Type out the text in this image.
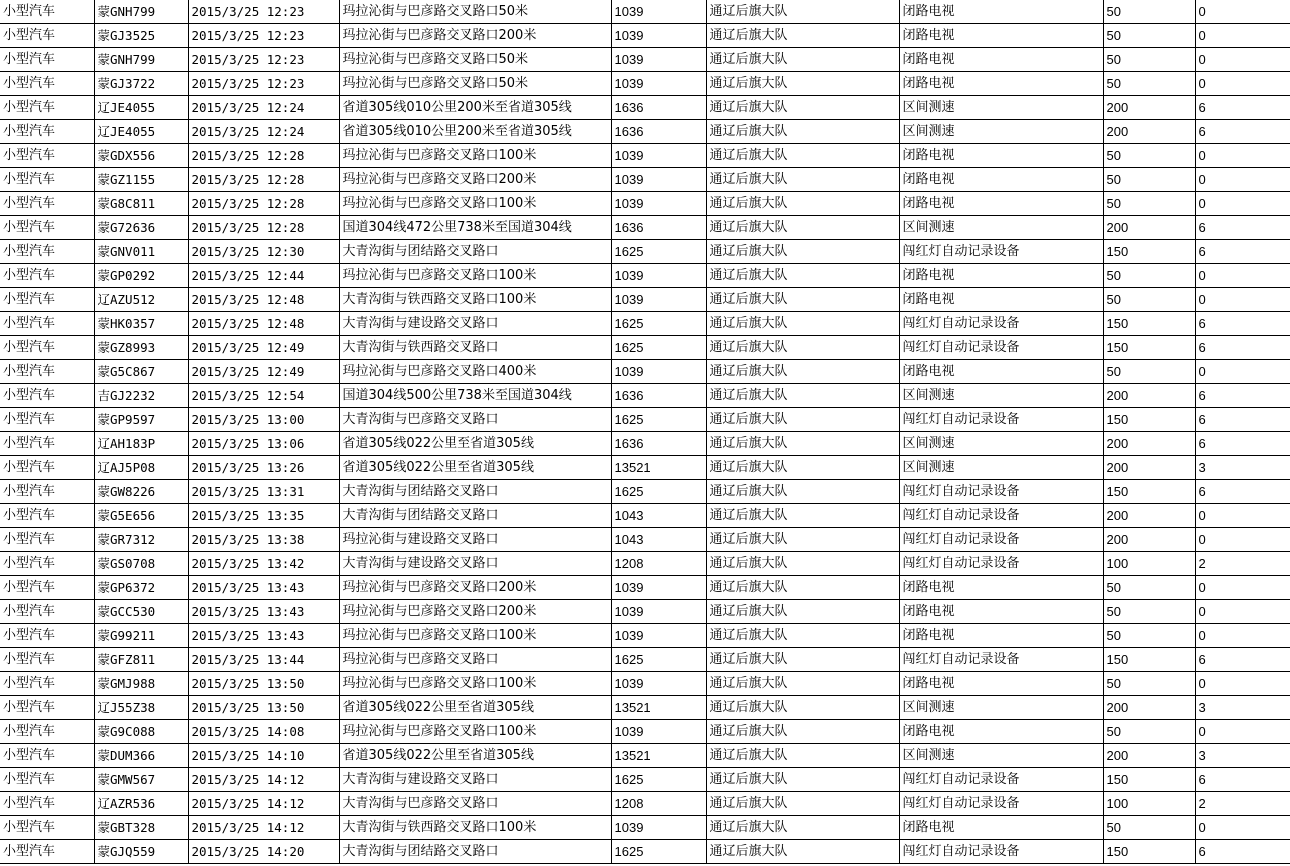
小型汽车	蒙GNH799	2015/3/25 12:23	玛拉沁街与巴彦路交叉路口50米	1039	通辽后旗大队	闭路电视	50	0
小型汽车	蒙GJ3525	2015/3/25 12:23	玛拉沁街与巴彦路交叉路口200米	1039	通辽后旗大队	闭路电视	50	0
小型汽车	蒙GNH799	2015/3/25 12:23	玛拉沁街与巴彦路交叉路口50米	1039	通辽后旗大队	闭路电视	50	0
小型汽车	蒙GJ3722	2015/3/25 12:23	玛拉沁街与巴彦路交叉路口50米	1039	通辽后旗大队	闭路电视	50	0
小型汽车	辽JE4055	2015/3/25 12:24	省道305线010公里200米至省道305线	1636	通辽后旗大队	区间测速	200	6
小型汽车	辽JE4055	2015/3/25 12:24	省道305线010公里200米至省道305线	1636	通辽后旗大队	区间测速	200	6
小型汽车	蒙GDX556	2015/3/25 12:28	玛拉沁街与巴彦路交叉路口100米	1039	通辽后旗大队	闭路电视	50	0
小型汽车	蒙GZ1155	2015/3/25 12:28	玛拉沁街与巴彦路交叉路口200米	1039	通辽后旗大队	闭路电视	50	0
小型汽车	蒙G8C811	2015/3/25 12:28	玛拉沁街与巴彦路交叉路口100米	1039	通辽后旗大队	闭路电视	50	0
小型汽车	蒙G72636	2015/3/25 12:28	国道304线472公里738米至国道304线	1636	通辽后旗大队	区间测速	200	6
小型汽车	蒙GNV011	2015/3/25 12:30	大青沟街与团结路交叉路口	1625	通辽后旗大队	闯红灯自动记录设备	150	6
小型汽车	蒙GP0292	2015/3/25 12:44	玛拉沁街与巴彦路交叉路口100米	1039	通辽后旗大队	闭路电视	50	0
小型汽车	辽AZU512	2015/3/25 12:48	大青沟街与铁西路交叉路口100米	1039	通辽后旗大队	闭路电视	50	0
小型汽车	蒙HK0357	2015/3/25 12:48	大青沟街与建设路交叉路口	1625	通辽后旗大队	闯红灯自动记录设备	150	6
小型汽车	蒙GZ8993	2015/3/25 12:49	大青沟街与铁西路交叉路口	1625	通辽后旗大队	闯红灯自动记录设备	150	6
小型汽车	蒙G5C867	2015/3/25 12:49	玛拉沁街与巴彦路交叉路口400米	1039	通辽后旗大队	闭路电视	50	0
小型汽车	吉GJ2232	2015/3/25 12:54	国道304线500公里738米至国道304线	1636	通辽后旗大队	区间测速	200	6
小型汽车	蒙GP9597	2015/3/25 13:00	大青沟街与巴彦路交叉路口	1625	通辽后旗大队	闯红灯自动记录设备	150	6
小型汽车	辽AH183P	2015/3/25 13:06	省道305线022公里至省道305线	1636	通辽后旗大队	区间测速	200	6
小型汽车	辽AJ5P08	2015/3/25 13:26	省道305线022公里至省道305线	13521	通辽后旗大队	区间测速	200	3
小型汽车	蒙GW8226	2015/3/25 13:31	大青沟街与团结路交叉路口	1625	通辽后旗大队	闯红灯自动记录设备	150	6
小型汽车	蒙G5E656	2015/3/25 13:35	大青沟街与团结路交叉路口	1043	通辽后旗大队	闯红灯自动记录设备	200	0
小型汽车	蒙GR7312	2015/3/25 13:38	玛拉沁街与建设路交叉路口	1043	通辽后旗大队	闯红灯自动记录设备	200	0
小型汽车	蒙GS0708	2015/3/25 13:42	大青沟街与建设路交叉路口	1208	通辽后旗大队	闯红灯自动记录设备	100	2
小型汽车	蒙GP6372	2015/3/25 13:43	玛拉沁街与巴彦路交叉路口200米	1039	通辽后旗大队	闭路电视	50	0
小型汽车	蒙GCC530	2015/3/25 13:43	玛拉沁街与巴彦路交叉路口200米	1039	通辽后旗大队	闭路电视	50	0
小型汽车	蒙G99211	2015/3/25 13:43	玛拉沁街与巴彦路交叉路口100米	1039	通辽后旗大队	闭路电视	50	0
小型汽车	蒙GFZ811	2015/3/25 13:44	玛拉沁街与巴彦路交叉路口	1625	通辽后旗大队	闯红灯自动记录设备	150	6
小型汽车	蒙GMJ988	2015/3/25 13:50	玛拉沁街与巴彦路交叉路口100米	1039	通辽后旗大队	闭路电视	50	0
小型汽车	辽J55Z38	2015/3/25 13:50	省道305线022公里至省道305线	13521	通辽后旗大队	区间测速	200	3
小型汽车	蒙G9C088	2015/3/25 14:08	玛拉沁街与巴彦路交叉路口100米	1039	通辽后旗大队	闭路电视	50	0
小型汽车	蒙DUM366	2015/3/25 14:10	省道305线022公里至省道305线	13521	通辽后旗大队	区间测速	200	3
小型汽车	蒙GMW567	2015/3/25 14:12	大青沟街与建设路交叉路口	1625	通辽后旗大队	闯红灯自动记录设备	150	6
小型汽车	辽AZR536	2015/3/25 14:12	大青沟街与巴彦路交叉路口	1208	通辽后旗大队	闯红灯自动记录设备	100	2
小型汽车	蒙GBT328	2015/3/25 14:12	大青沟街与铁西路交叉路口100米	1039	通辽后旗大队	闭路电视	50	0
小型汽车	蒙GJQ559	2015/3/25 14:20	大青沟街与团结路交叉路口	1625	通辽后旗大队	闯红灯自动记录设备	150	6
